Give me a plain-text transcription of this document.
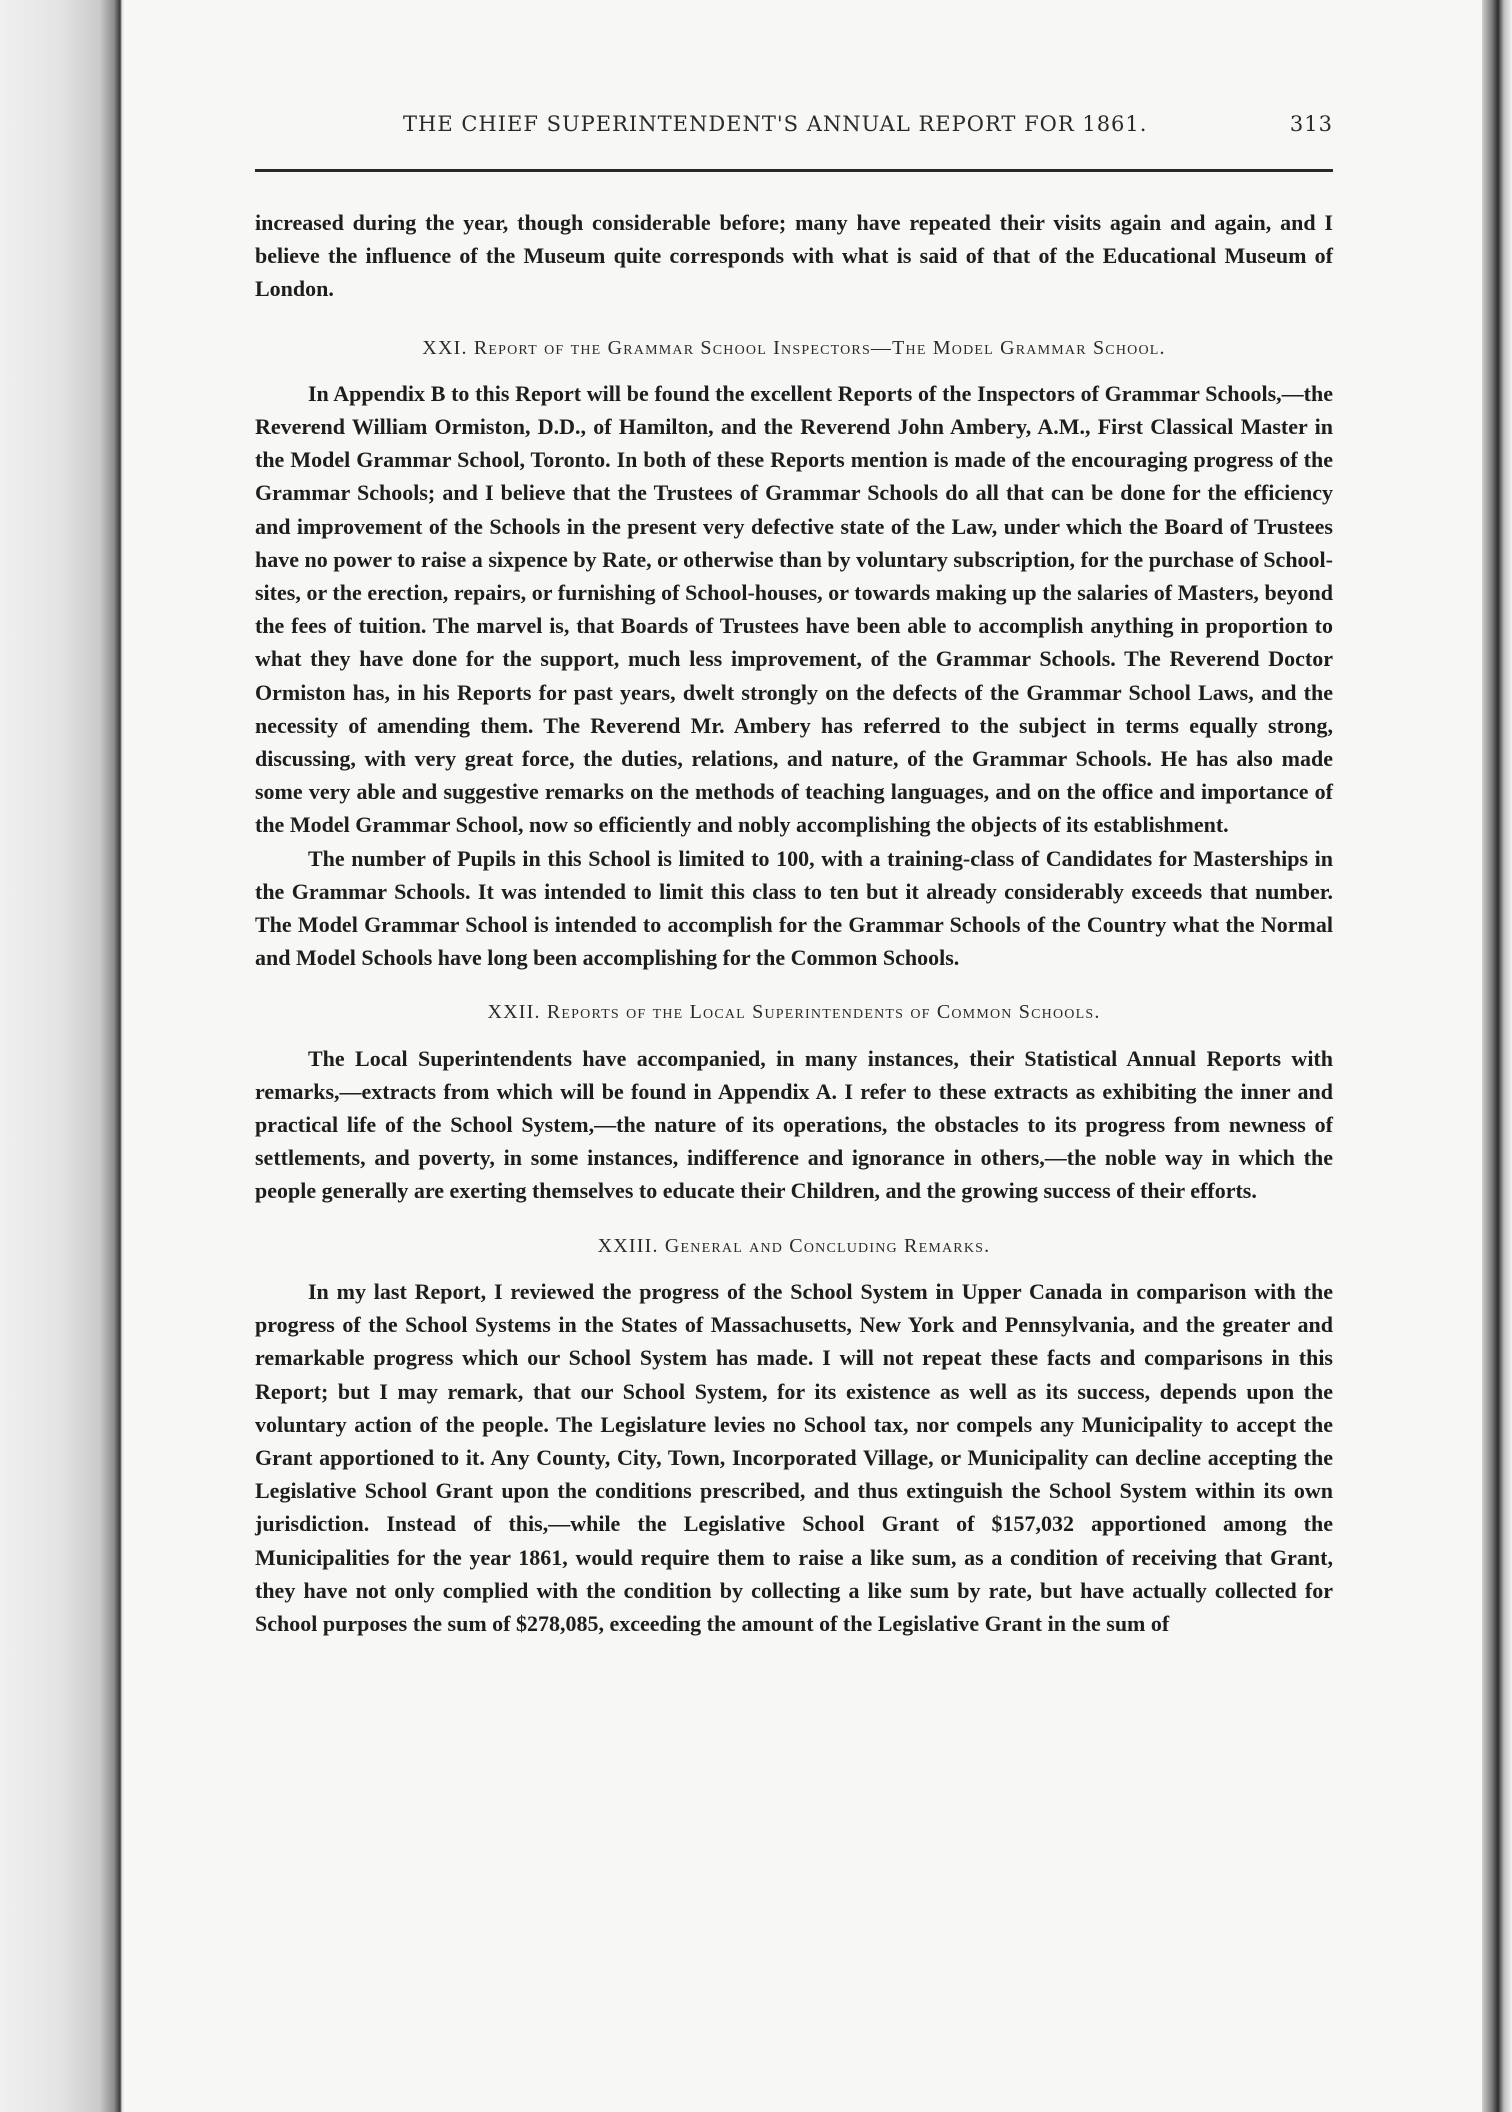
THE CHIEF SUPERINTENDENT'S ANNUAL REPORT FOR 1861.	313

increased during the year, though considerable before; many have repeated their visits again and again, and I believe the influence of the Museum quite corresponds with what is said of that of the Educational Museum of London.

XXI. Report of the Grammar School Inspectors—The Model Grammar School.

In Appendix B to this Report will be found the excellent Reports of the Inspectors of Grammar Schools,—the Reverend William Ormiston, D.D., of Hamilton, and the Reverend John Ambery, A.M., First Classical Master in the Model Grammar School, Toronto. In both of these Reports mention is made of the encouraging progress of the Grammar Schools; and I believe that the Trustees of Grammar Schools do all that can be done for the efficiency and improvement of the Schools in the present very defective state of the Law, under which the Board of Trustees have no power to raise a sixpence by Rate, or otherwise than by voluntary subscription, for the purchase of School-sites, or the erection, repairs, or furnishing of School-houses, or towards making up the salaries of Masters, beyond the fees of tuition. The marvel is, that Boards of Trustees have been able to accomplish anything in proportion to what they have done for the support, much less improvement, of the Grammar Schools. The Reverend Doctor Ormiston has, in his Reports for past years, dwelt strongly on the defects of the Grammar School Laws, and the necessity of amending them. The Reverend Mr. Ambery has referred to the subject in terms equally strong, discussing, with very great force, the duties, relations, and nature, of the Grammar Schools. He has also made some very able and suggestive remarks on the methods of teaching languages, and on the office and importance of the Model Grammar School, now so efficiently and nobly accomplishing the objects of its establishment.

The number of Pupils in this School is limited to 100, with a training-class of Candidates for Masterships in the Grammar Schools. It was intended to limit this class to ten but it already considerably exceeds that number. The Model Grammar School is intended to accomplish for the Grammar Schools of the Country what the Normal and Model Schools have long been accomplishing for the Common Schools.

XXII. Reports of the Local Superintendents of Common Schools.

The Local Superintendents have accompanied, in many instances, their Statistical Annual Reports with remarks,—extracts from which will be found in Appendix A. I refer to these extracts as exhibiting the inner and practical life of the School System,—the nature of its operations, the obstacles to its progress from newness of settlements, and poverty, in some instances, indifference and ignorance in others,—the noble way in which the people generally are exerting themselves to educate their Children, and the growing success of their efforts.

XXIII. General and Concluding Remarks.

In my last Report, I reviewed the progress of the School System in Upper Canada in comparison with the progress of the School Systems in the States of Massachusetts, New York and Pennsylvania, and the greater and remarkable progress which our School System has made. I will not repeat these facts and comparisons in this Report; but I may remark, that our School System, for its existence as well as its success, depends upon the voluntary action of the people. The Legislature levies no School tax, nor compels any Municipality to accept the Grant apportioned to it. Any County, City, Town, Incorporated Village, or Municipality can decline accepting the Legislative School Grant upon the conditions prescribed, and thus extinguish the School System within its own jurisdiction. Instead of this,—while the Legislative School Grant of $157,032 apportioned among the Municipalities for the year 1861, would require them to raise a like sum, as a condition of receiving that Grant, they have not only complied with the condition by collecting a like sum by rate, but have actually collected for School purposes the sum of $278,085, exceeding the amount of the Legislative Grant in the sum of
